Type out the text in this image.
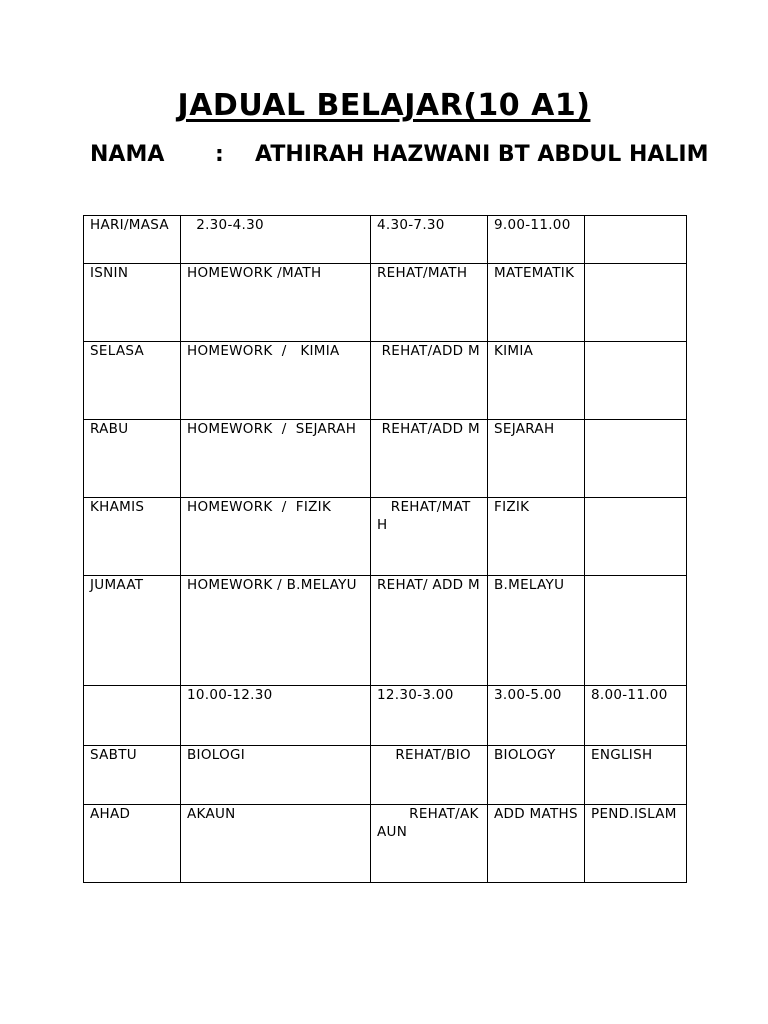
JADUAL BELAJAR(10 A1)
NAMA : ATHIRAH HAZWANI BT ABDUL HALIM
HARI/MASA	2.30-4.30	4.30-7.30	9.00-11.00	
ISNIN	HOMEWORK /MATH	REHAT/MATH	MATEMATIK	
SELASA	HOMEWORK  /   KIMIA	REHAT/ADD M	KIMIA	
RABU	HOMEWORK  /  SEJARAH	REHAT/ADD M	SEJARAH	
KHAMIS	HOMEWORK  /  FIZIK	REHAT/MATH	FIZIK	
JUMAAT	HOMEWORK / B.MELAYU	REHAT/ ADD M	B.MELAYU	
	10.00-12.30	12.30-3.00	3.00-5.00	8.00-11.00
SABTU	BIOLOGI	REHAT/BIO	BIOLOGY	ENGLISH
AHAD	AKAUN	REHAT/AKAUN	ADD MATHS	PEND.ISLAM
